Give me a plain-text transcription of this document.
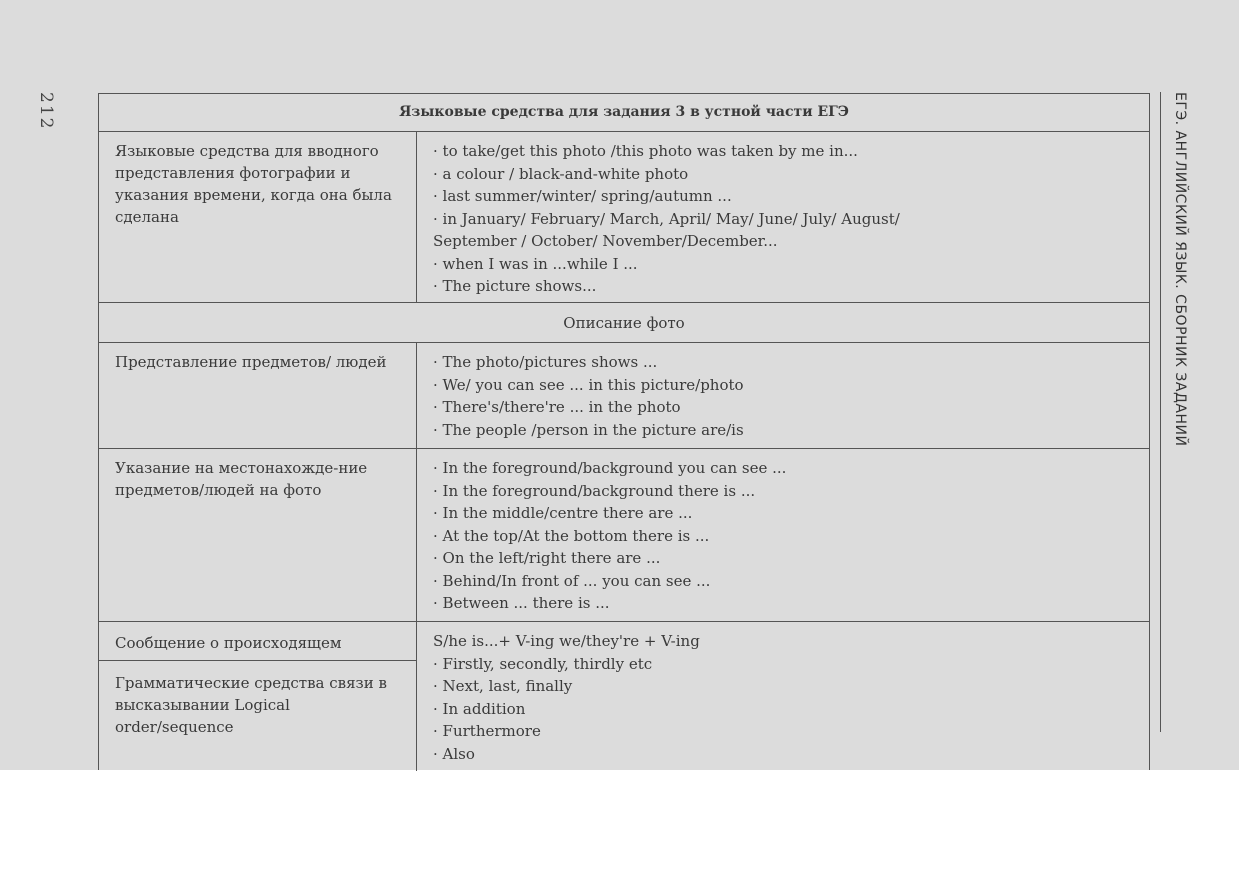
212	ЕГЭ. АНГЛИЙСКИЙ ЯЗЫК. СБОРНИК ЗАДАНИЙ
Языковые средства для задания 3 в устной части ЕГЭ
Языковые средства для вводного представления фотографии и указания времени, когда она была сделана
· to take/get this photo /this photo was taken by me in...
· a colour / black-and-white photo
· last summer/winter/ spring/autumn ...
· in January/ February/ March, April/ May/ June/ July/ August/
September / October/ November/December...
· when I was in ...while I ...
· The picture shows...
Описание фото
Представление предметов/ людей
·	The photo/pictures shows ...
· We/ you can see ... in this picture/photo
· There's/there're ... in the photo
· The people /person in the picture are/is
Указание на местонахожде-ние предметов/людей на фото
· In the foreground/background you can see ...
· In the foreground/background there is ...
· In the middle/centre there are ...
· At the top/At the bottom there is ...
· On the left/right there are ...
· Behind/In front of ... you can see ...
· Between ... there is ...
Сообщение о происходящем
Грамматические средства связи в высказывании Logical order/sequence
S/he is...+ V-ing we/they're + V-ing
· Firstly, secondly, thirdly etc
· Next, last, finally
· In addition
· Furthermore
· Also
